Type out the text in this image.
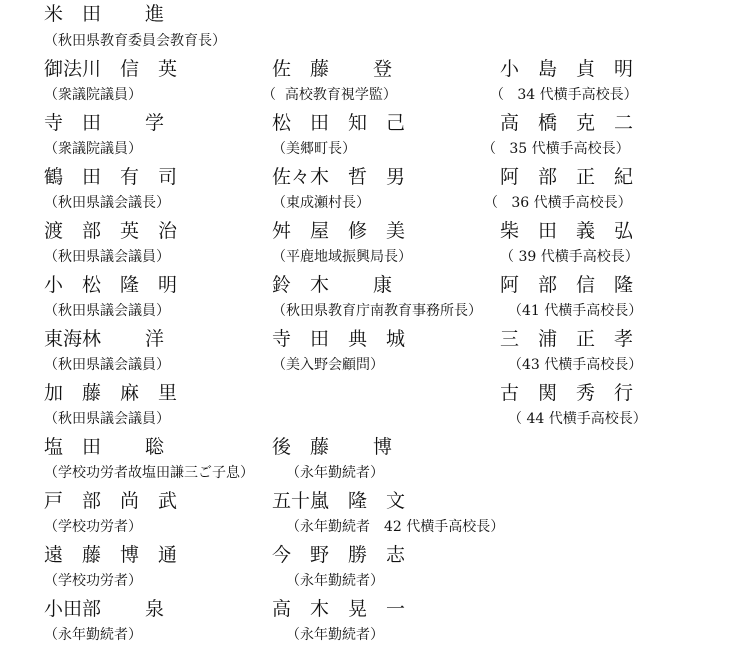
米　田　　 進
（秋田県教育委員会教育長）
御法川　信　英
（衆議院議員）
佐　藤　　 登
（  高校教育視学監）
小　島　貞　明
（   34 代横手高校長）
寺　田　　 学
（衆議院議員）
松　田　知　己
（美郷町長）
高　橋　克　二
（   35 代横手高校長）
鶴　田　有　司
（秋田県議会議長）
佐々木　哲　男
（東成瀬村長）
阿　部　正　紀
（   36 代横手高校長）
渡　部　英　治
（秋田県議会議員）
舛　屋　修　美
（平鹿地域振興局長）
柴　田　義　弘
（ 39 代横手高校長）
小　松　隆　明
（秋田県議会議員）
鈴　木　　 康
（秋田県教育庁南教育事務所長）
阿　部　信　隆
（41 代横手高校長）
東海林　　 洋
（秋田県議会議員）
寺　田　典　城
（美入野会顧問）
三　浦　正　孝
（43 代横手高校長）
加　藤　麻　里
（秋田県議会議員）
古　関　秀　行
（ 44 代横手高校長）
塩　田　　 聡
（学校功労者故塩田謙三ご子息）
後　藤　　 博
（永年勤続者）
戸　部　尚　武
（学校功労者）
五十嵐　隆　文
（永年勤続者　42 代横手高校長）
遠　藤　博　通
（学校功労者）
今　野　勝　志
（永年勤続者）
小田部　　 泉
（永年勤続者）
高　木　晃　一
（永年勤続者）
